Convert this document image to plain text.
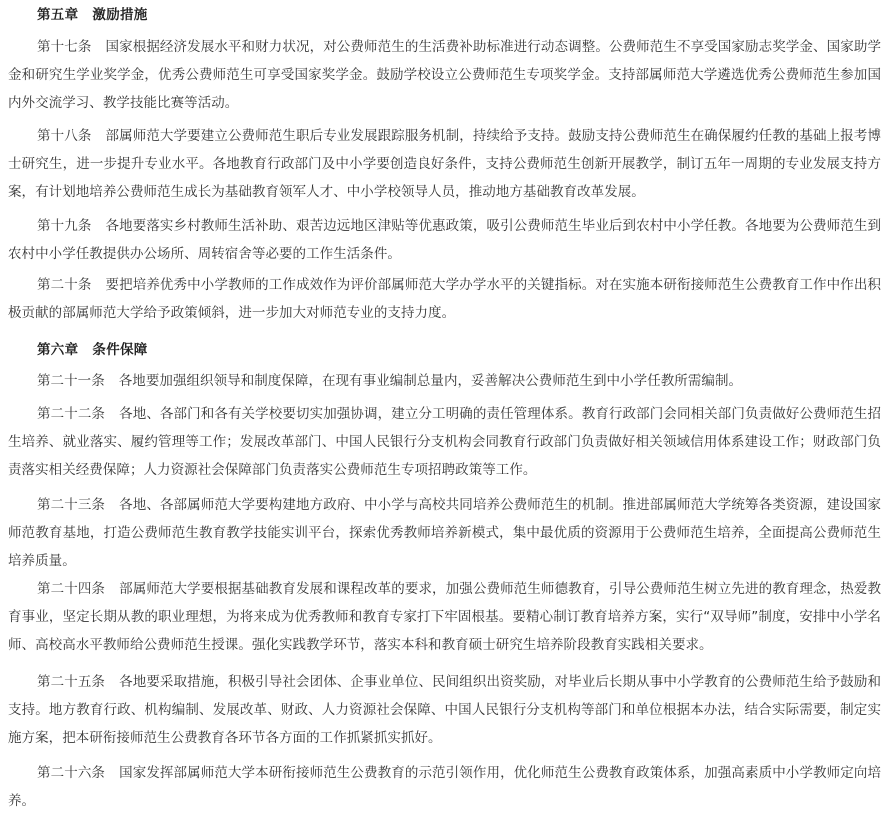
第五章 激励措施
第十七条 国家根据经济发展水平和财力状况，对公费师范生的生活费补助标准进行动态调整。公费师范生不享受国家励志奖学金、国家助学金和研究生学业奖学金，优秀公费师范生可享受国家奖学金。鼓励学校设立公费师范生专项奖学金。支持部属师范大学遴选优秀公费师范生参加国内外交流学习、教学技能比赛等活动。
第十八条 部属师范大学要建立公费师范生职后专业发展跟踪服务机制，持续给予支持。鼓励支持公费师范生在确保履约任教的基础上报考博士研究生，进一步提升专业水平。各地教育行政部门及中小学要创造良好条件，支持公费师范生创新开展教学，制订五年一周期的专业发展支持方案，有计划地培养公费师范生成长为基础教育领军人才、中小学校领导人员，推动地方基础教育改革发展。
第十九条 各地要落实乡村教师生活补助、艰苦边远地区津贴等优惠政策，吸引公费师范生毕业后到农村中小学任教。各地要为公费师范生到农村中小学任教提供办公场所、周转宿舍等必要的工作生活条件。
第二十条 要把培养优秀中小学教师的工作成效作为评价部属师范大学办学水平的关键指标。对在实施本研衔接师范生公费教育工作中作出积极贡献的部属师范大学给予政策倾斜，进一步加大对师范专业的支持力度。
第六章 条件保障
第二十一条 各地要加强组织领导和制度保障，在现有事业编制总量内，妥善解决公费师范生到中小学任教所需编制。
第二十二条 各地、各部门和各有关学校要切实加强协调，建立分工明确的责任管理体系。教育行政部门会同相关部门负责做好公费师范生招生培养、就业落实、履约管理等工作；发展改革部门、中国人民银行分支机构会同教育行政部门负责做好相关领域信用体系建设工作；财政部门负责落实相关经费保障；人力资源社会保障部门负责落实公费师范生专项招聘政策等工作。
第二十三条 各地、各部属师范大学要构建地方政府、中小学与高校共同培养公费师范生的机制。推进部属师范大学统筹各类资源，建设国家师范教育基地，打造公费师范生教育教学技能实训平台，探索优秀教师培养新模式，集中最优质的资源用于公费师范生培养，全面提高公费师范生培养质量。
第二十四条 部属师范大学要根据基础教育发展和课程改革的要求，加强公费师范生师德教育，引导公费师范生树立先进的教育理念，热爱教育事业，坚定长期从教的职业理想，为将来成为优秀教师和教育专家打下牢固根基。要精心制订教育培养方案，实行“双导师”制度，安排中小学名师、高校高水平教师给公费师范生授课。强化实践教学环节，落实本科和教育硕士研究生培养阶段教育实践相关要求。
第二十五条 各地要采取措施，积极引导社会团体、企事业单位、民间组织出资奖励，对毕业后长期从事中小学教育的公费师范生给予鼓励和支持。地方教育行政、机构编制、发展改革、财政、人力资源社会保障、中国人民银行分支机构等部门和单位根据本办法，结合实际需要，制定实施方案，把本研衔接师范生公费教育各环节各方面的工作抓紧抓实抓好。
第二十六条 国家发挥部属师范大学本研衔接师范生公费教育的示范引领作用，优化师范生公费教育政策体系，加强高素质中小学教师定向培养。
